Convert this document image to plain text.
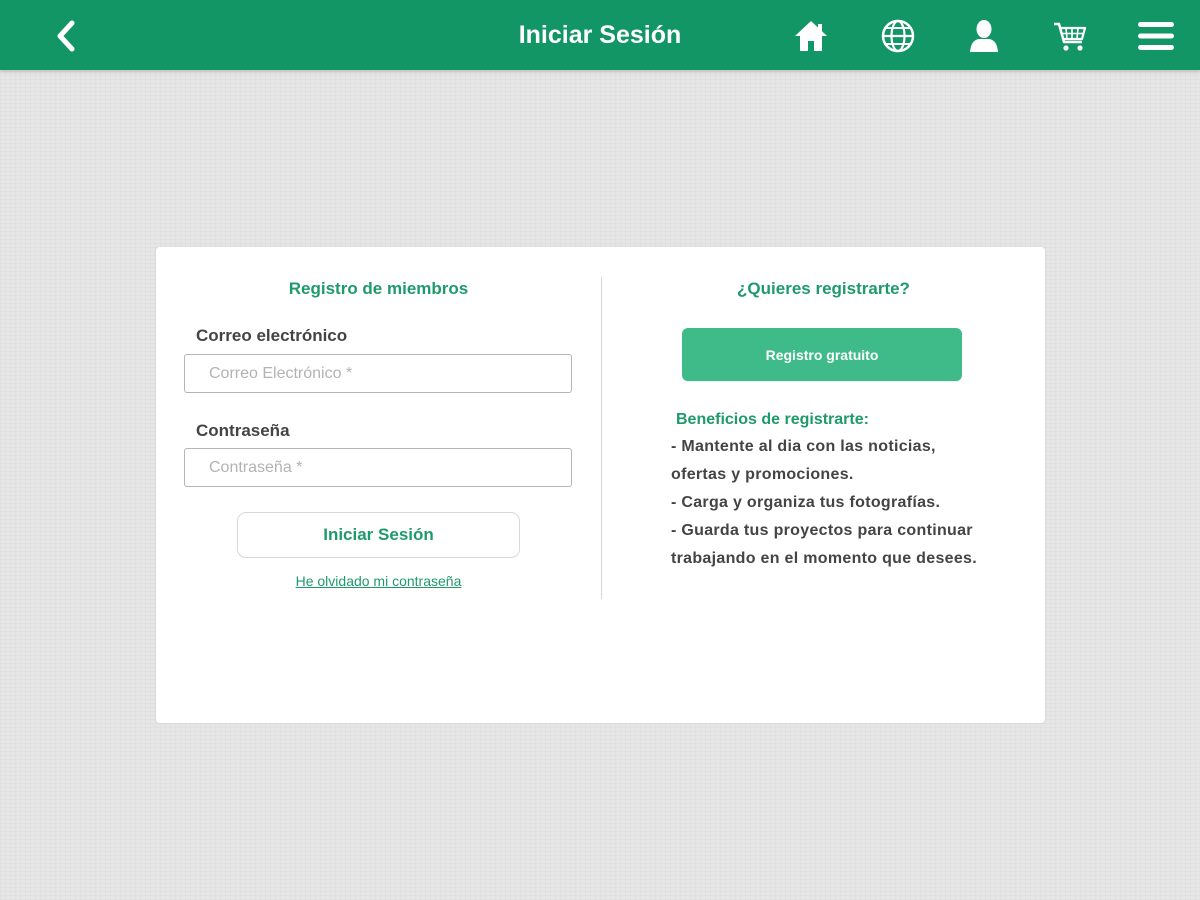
Iniciar Sesión
Registro de miembros
Correo electrónico
Correo Electrónico *
Contraseña
Iniciar Sesión
He olvidado mi contraseña
¿Quieres registrarte?
Registro gratuito
Beneficios de registrarte:
- Mantente al dia con las noticias, ofertas y promociones.
- Carga y organiza tus fotografías.
- Guarda tus proyectos para continuar trabajando en el momento que desees.
